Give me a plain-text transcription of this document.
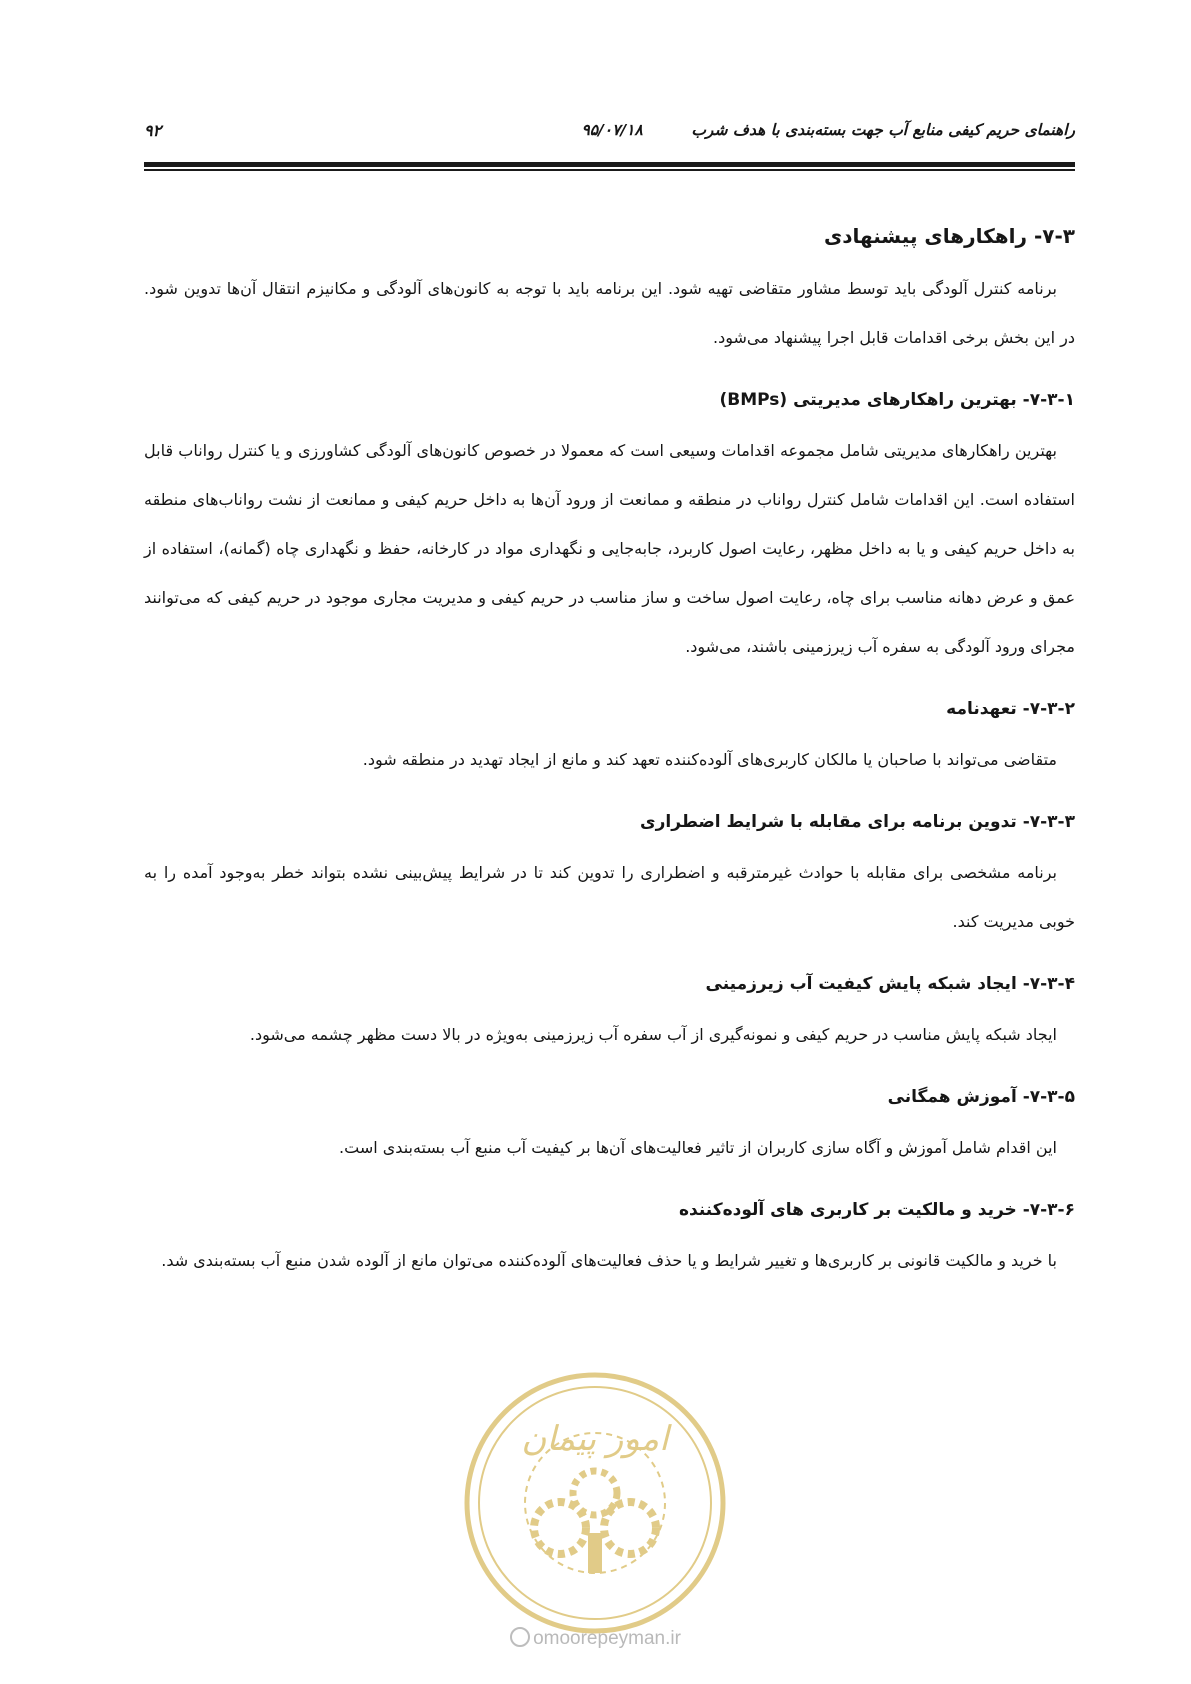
راهنمای حریم کیفی منابع آب جهت بسته‌بندی با هدف شرب         ۹۵/۰۷/۱۸
۹۲
۷-۳- راهکارهای پیشنهادی

برنامه کنترل آلودگی باید توسط مشاور متقاضی تهیه شود. این برنامه باید با توجه به کانون‌های آلودگی و مکانیزم انتقال آن‌ها تدوین شود. در این بخش برخی اقدامات قابل اجرا پیشنهاد می‌شود.

۷-۳-۱- بهترین راهکارهای مدیریتی (BMPs)

بهترین راهکارهای مدیریتی شامل مجموعه اقدامات وسیعی است که معمولا در خصوص کانون‌های آلودگی کشاورزی و یا کنترل رواناب قابل استفاده است. این اقدامات شامل کنترل رواناب در منطقه و ممانعت از ورود آن‌ها به داخل حریم کیفی و ممانعت از نشت رواناب‌های منطقه به داخل حریم کیفی و یا به داخل مظهر، رعایت اصول کاربرد، جابه‌جایی و نگهداری مواد در کارخانه، حفظ و نگهداری چاه (گمانه)، استفاده از عمق و عرض دهانه مناسب برای چاه، رعایت اصول ساخت و ساز مناسب در حریم کیفی و مدیریت مجاری موجود در حریم کیفی که می‌توانند مجرای ورود آلودگی به سفره آب زیرزمینی باشند، می‌شود.

۷-۳-۲- تعهدنامه

متقاضی می‌تواند با صاحبان یا مالکان کاربری‌های آلوده‌کننده تعهد کند و مانع از ایجاد تهدید در منطقه شود.

۷-۳-۳- تدوین برنامه برای مقابله با شرایط اضطراری

برنامه مشخصی برای مقابله با حوادث غیرمترقبه و اضطراری را تدوین کند تا در شرایط پیش‌بینی نشده بتواند خطر به‌وجود آمده را به خوبی مدیریت کند.

۷-۳-۴- ایجاد شبکه پایش کیفیت آب زیرزمینی

ایجاد شبکه پایش مناسب در حریم کیفی و نمونه‌گیری از آب سفره آب زیرزمینی به‌ویژه در بالا دست مظهر چشمه می‌شود.

۷-۳-۵- آموزش همگانی

این اقدام شامل آموزش و آگاه سازی کاربران از تاثیر فعالیت‌های آن‌ها بر کیفیت آب منبع آب بسته‌بندی است.

۷-۳-۶- خرید و مالکیت بر کاربری های آلوده‌کننده

با خرید و مالکیت قانونی بر کاربری‌ها و تغییر شرایط و یا حذف فعالیت‌های آلوده‌کننده می‌توان مانع از آلوده شدن منبع آب بسته‌بندی شد.

امور پیمان
omoorepeyman.ir
